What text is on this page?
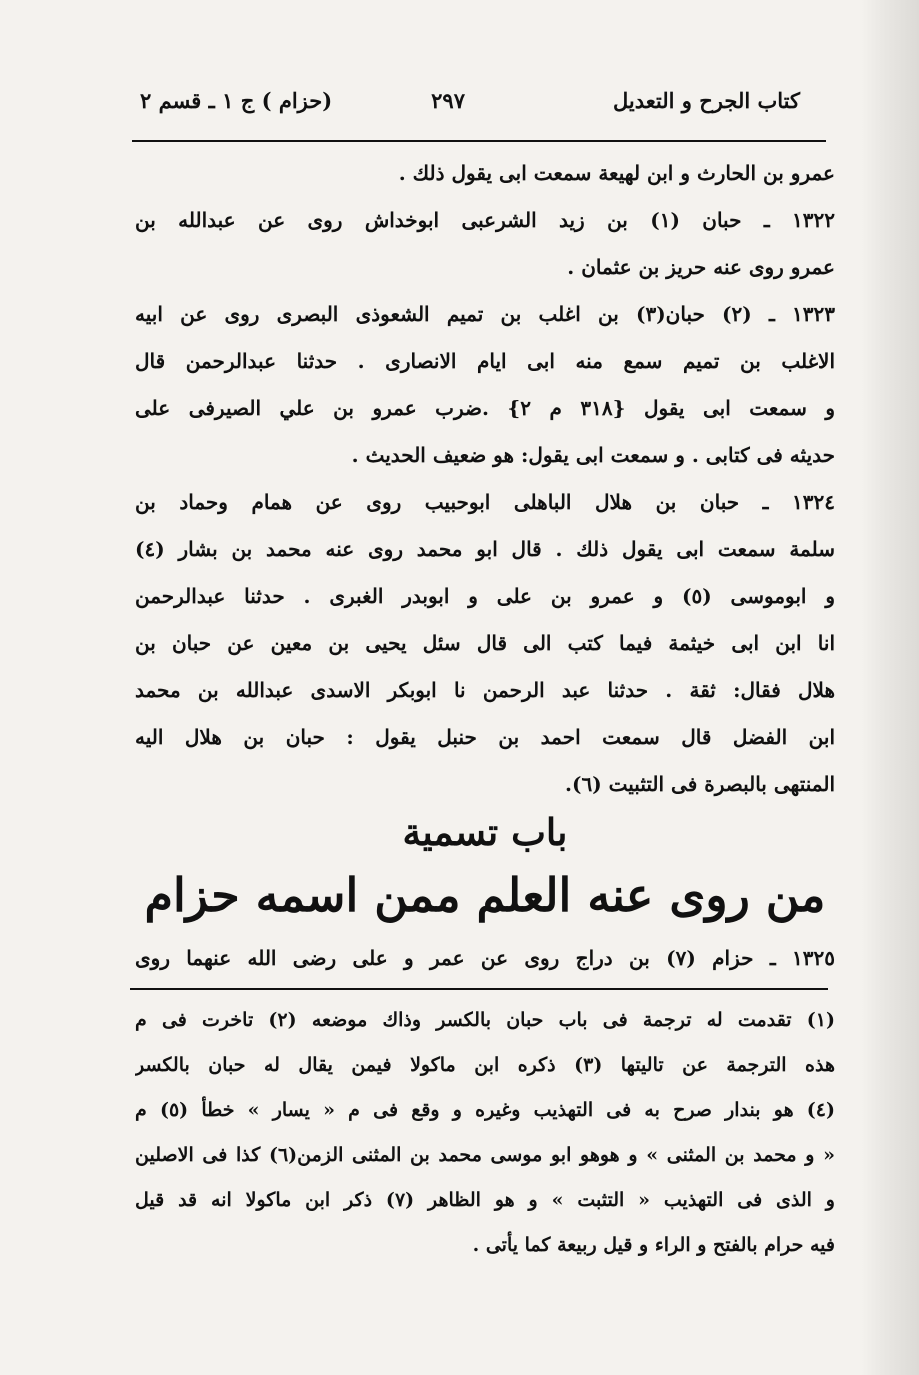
كتاب الجرح و التعديل
٢٩٧
(حزام ) ج ١ ـ قسم ٢
عمرو بن الحارث و ابن لهيعة سمعت ابى يقول ذلك .
١٣٢٢ ـ حبان (١) بن زيد الشرعبى ابوخداش روى عن عبدالله بن
عمرو روى عنه حريز بن عثمان .
١٣٢٣ ـ (٢) حبان(٣) بن اغلب بن تميم الشعوذى البصرى روى عن ابيه
الاغلب بن تميم سمع منه ابى ايام الانصارى . حدثنا عبدالرحمن قال
و سمعت ابى يقول {٣١٨ م ٢} .ضرب عمرو بن علي الصيرفى على
حديثه فى كتابى . و سمعت ابى يقول: هو ضعيف الحديث .
١٣٢٤ ـ حبان بن هلال الباهلى ابوحبيب روى عن همام وحماد بن
سلمة سمعت ابى يقول ذلك . قال ابو محمد روى عنه محمد بن بشار (٤)
و ابوموسى (٥) و عمرو بن على و ابوبدر الغبرى . حدثنا عبدالرحمن
انا ابن ابى خيثمة فيما كتب الى قال سئل يحيى بن معين عن حبان بن
هلال فقال: ثقة . حدثنا عبد الرحمن نا ابوبكر الاسدى عبدالله بن محمد
ابن الفضل قال سمعت احمد بن حنبل يقول : حبان بن هلال اليه
المنتهى بالبصرة فى التثبيت (٦).
باب تسمية
من روى عنه العلم ممن اسمه حزام
١٣٢٥ ـ حزام (٧) بن دراج روى عن عمر و على رضى الله عنهما روى
(١) تقدمت له ترجمة فى باب حبان بالكسر وذاك موضعه (٢) تاخرت فى م
هذه الترجمة عن تاليتها (٣) ذكره ابن ماكولا فيمن يقال له حبان بالكسر
(٤) هو بندار صرح به فى التهذيب وغيره و وقع فى م « يسار » خطأ (٥) م
« و محمد بن المثنى » و هوهو ابو موسى محمد بن المثنى الزمن(٦) كذا فى الاصلين
و الذى فى التهذيب « التثبت » و هو الظاهر (٧) ذكر ابن ماكولا انه قد قيل
فيه حرام بالفتح و الراء و قيل ربيعة كما يأتى .
